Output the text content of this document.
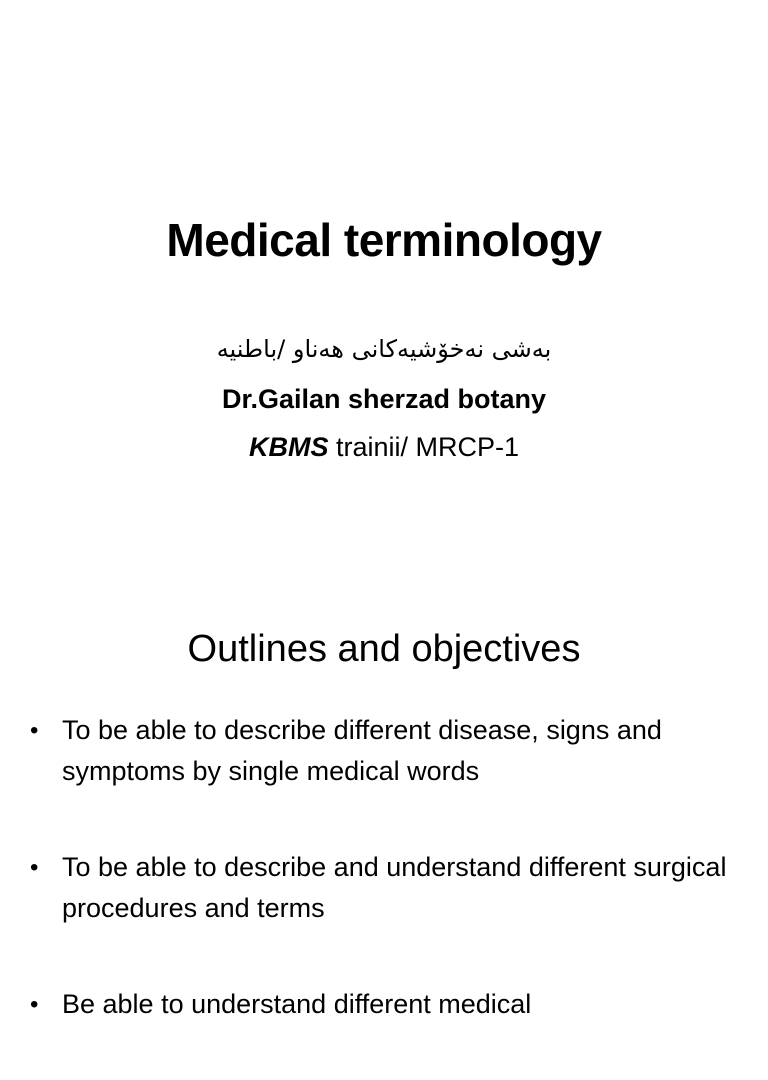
Medical terminology
بەشی نەخۆشیەکانی هەناو /باطنیە
Dr.Gailan sherzad botany
KBMS trainii/ MRCP-1
Outlines and objectives
• To be able to describe different disease, signs and symptoms by single medical words
• To be able to describe and understand different surgical procedures and terms
• Be able to understand different medical
